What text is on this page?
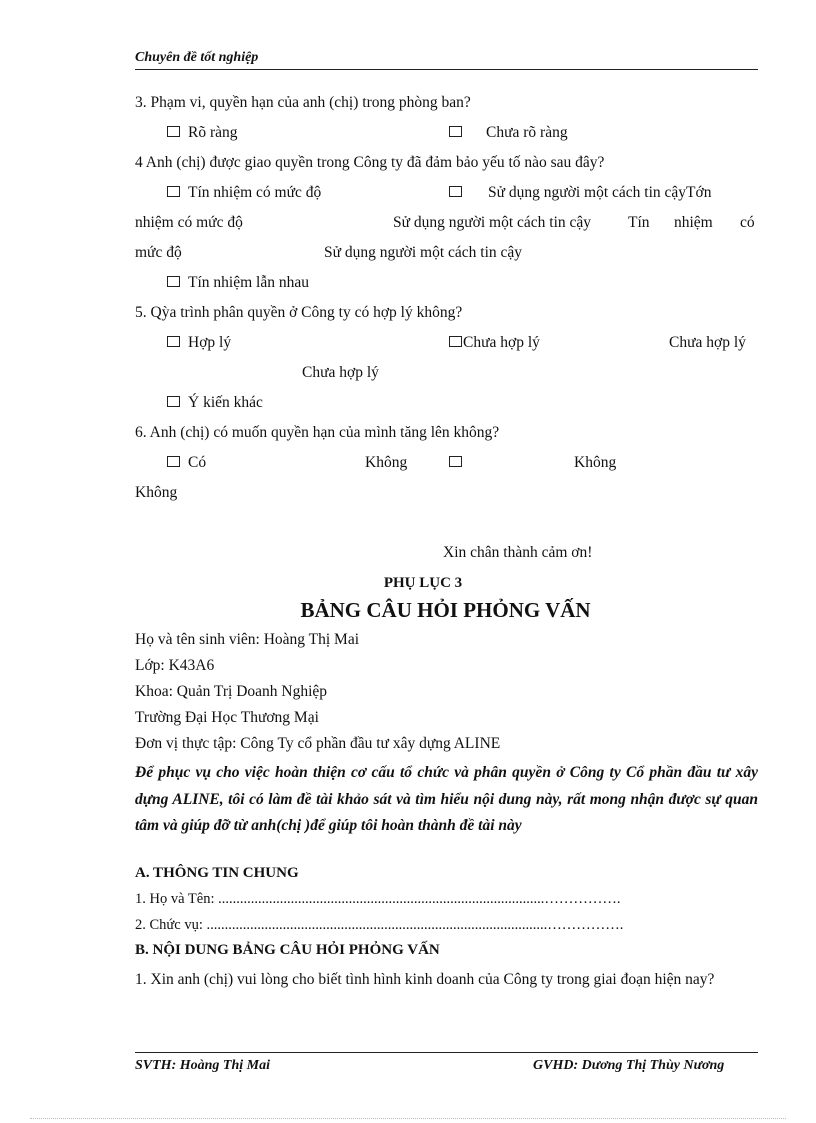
Chuyên đề tốt nghiệp
3. Phạm vi, quyền hạn của anh (chị) trong phòng ban?
Rõ ràng	Chưa rõ ràng
4 Anh (chị) được giao quyền trong Công ty đã đảm bảo yếu tố nào sau đây?
Tín nhiệm có mức độ	Sử dụng người một cách tin cậyTớn
nhiệm có mức độ	Sử dụng người một cách tin cậy Tín nhiệm có
mức độ	Sử dụng người một cách tin cậy
Tín nhiệm lẫn nhau
5. Qỳa trình phân quyền ở Công ty có hợp lý không?
Hợp lý	Chưa hợp lý	Chưa hợp lý
Chưa hợp lý
Ý kiến khác
6. Anh (chị) có muốn quyền hạn của mình tăng lên không?
Có	Không	Không
Không
Xin chân thành cảm ơn!
PHỤ LỤC 3
BẢNG CÂU HỎI PHỎNG VẤN
Họ và tên sinh viên: Hoàng Thị Mai
Lớp: K43A6
Khoa: Quản Trị Doanh Nghiệp
Trường Đại Học Thương Mại
Đơn vị thực tập: Công Ty cổ phần đầu tư xây dựng ALINE
Để phục vụ cho việc hoàn thiện cơ cấu tổ chức và phân quyền ở Công ty Cổ phần đầu tư xây dựng ALINE, tôi có làm đề tài khảo sát và tìm hiểu nội dung này, rất mong nhận được sự quan tâm và giúp đỡ từ anh(chị )để giúp tôi hoàn thành đề tài này
A. THÔNG TIN CHUNG
1. Họ và Tên: ..........................................................................................…………….
2. Chức vụ: ..............................................................................................…………….
B. NỘI DUNG BẢNG CÂU HỎI PHỎNG VẤN
1. Xin anh (chị) vui lòng cho biết tình hình kinh doanh của Công ty trong giai đoạn hiện nay?
SVTH: Hoàng Thị Mai	GVHD: Dương Thị Thùy Nương
